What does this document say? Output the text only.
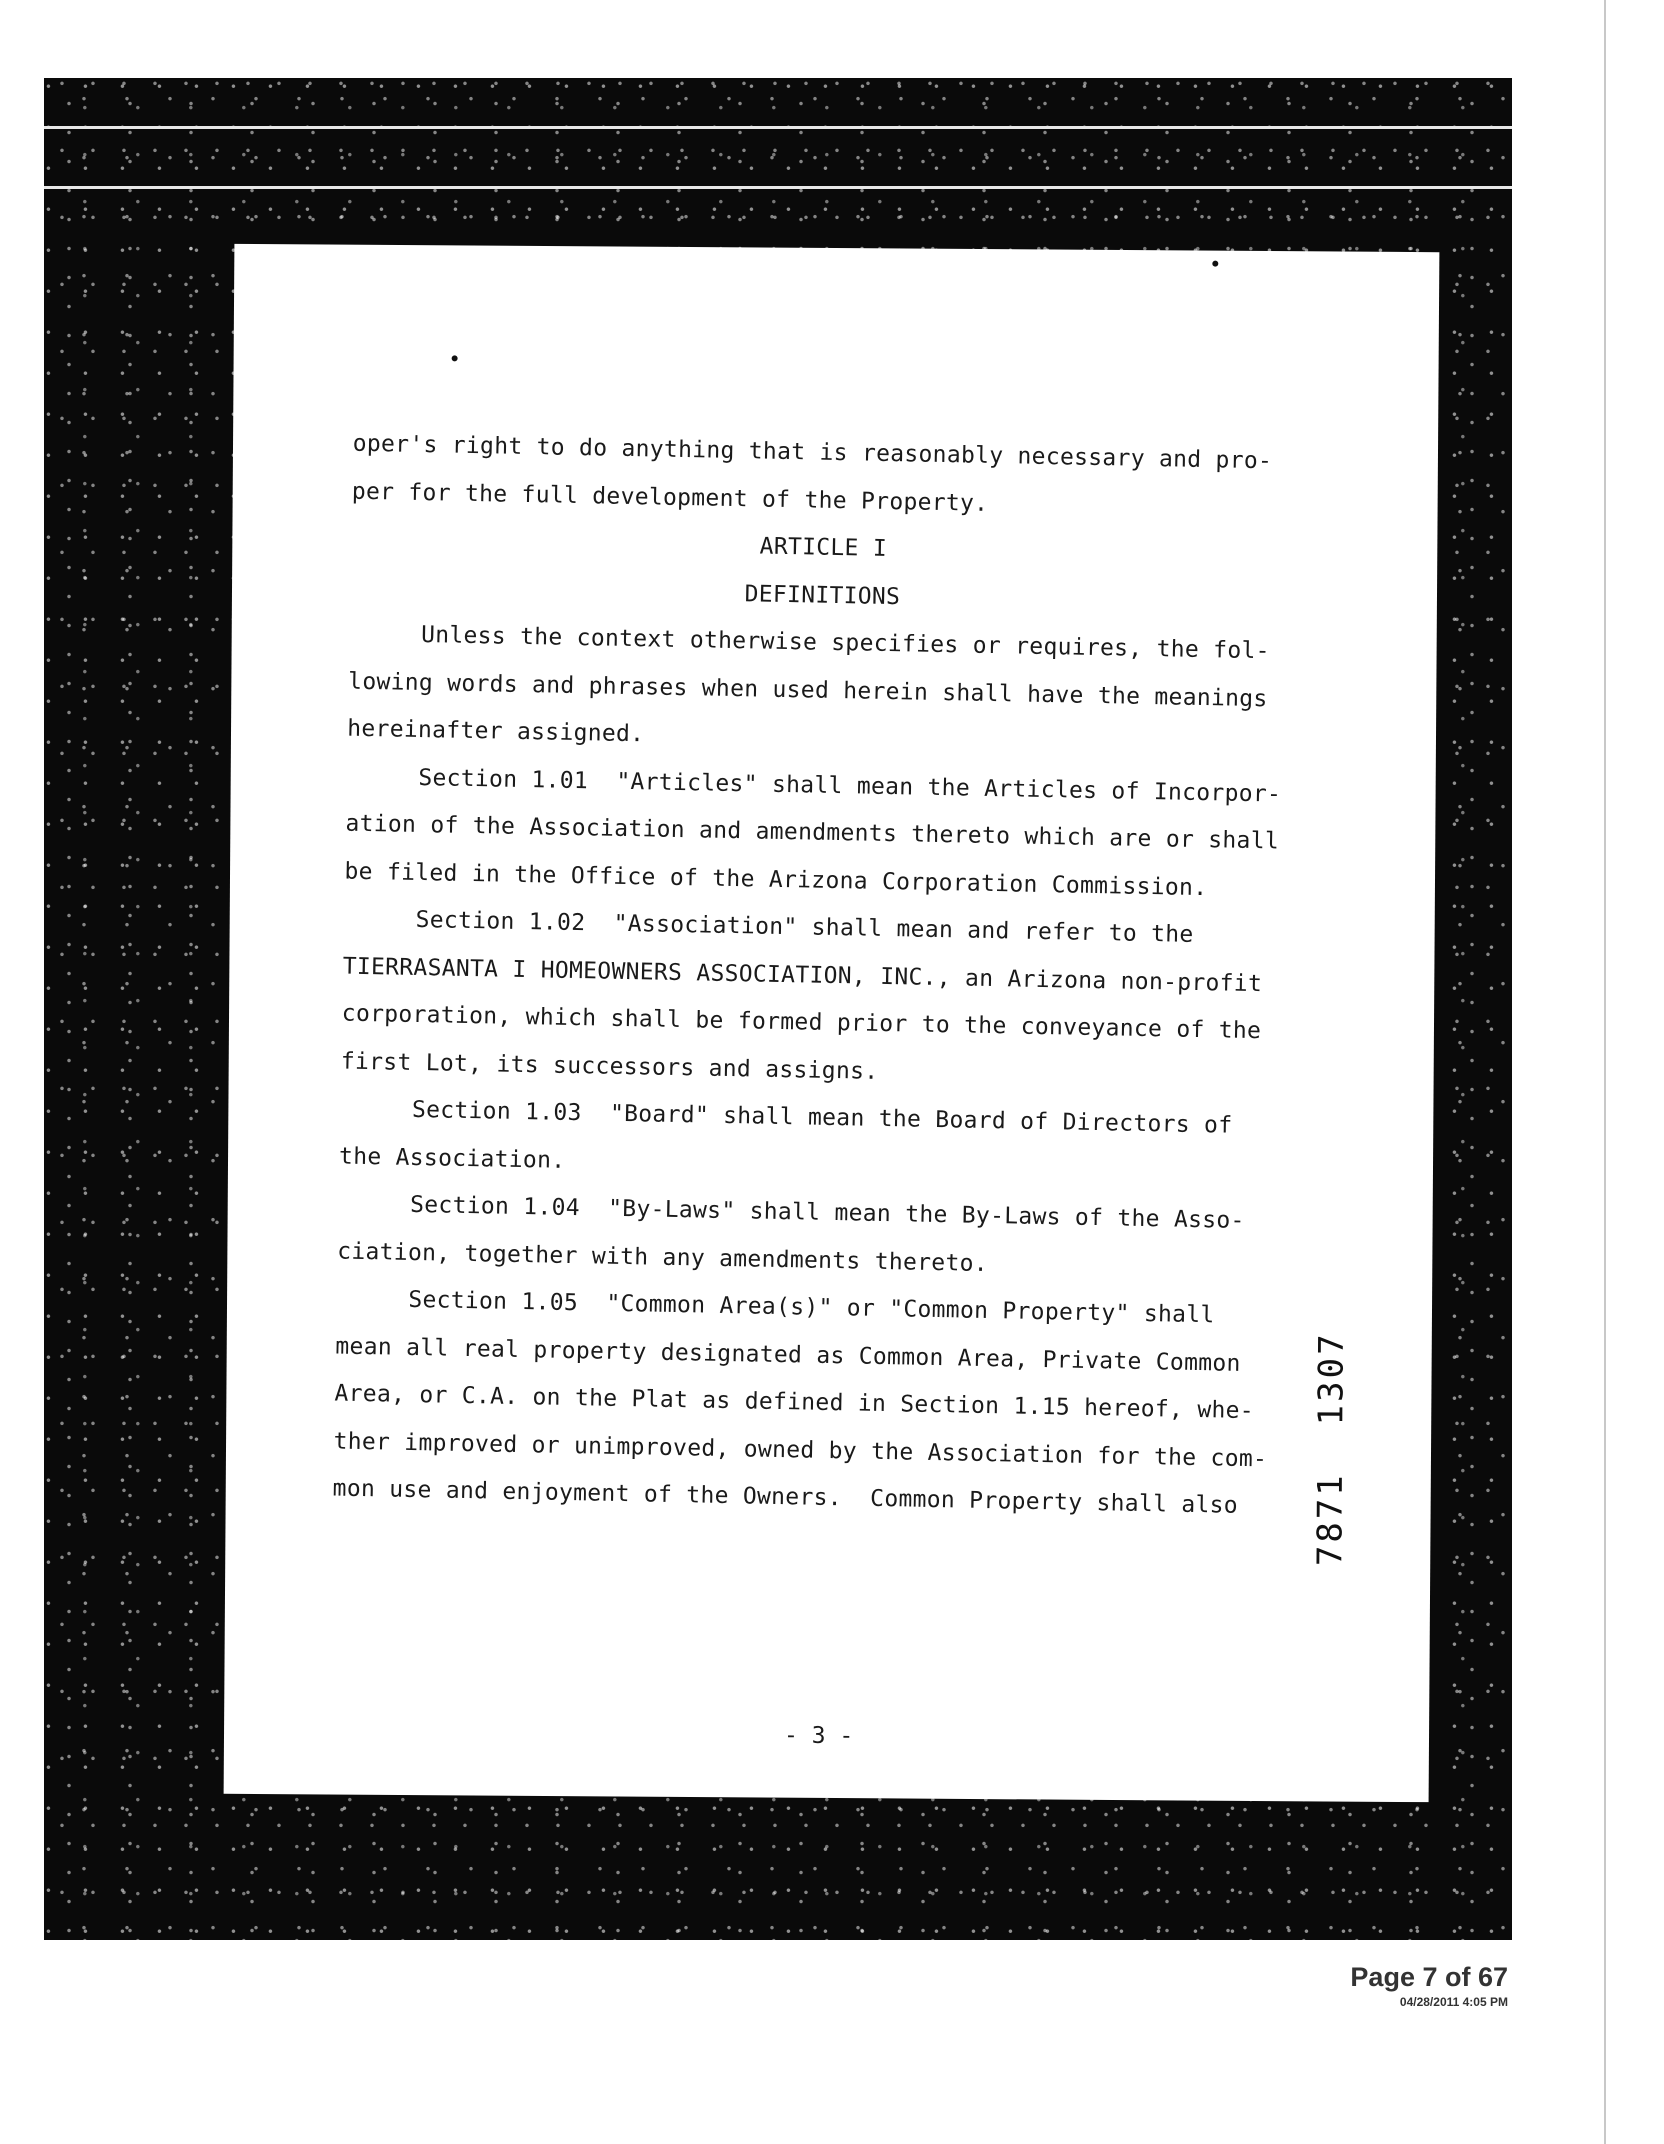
oper's right to do anything that is reasonably necessary and pro-
per for the full development of the Property.
ARTICLE I
DEFINITIONS
Unless the context otherwise specifies or requires, the fol-
lowing words and phrases when used herein shall have the meanings
hereinafter assigned.
Section 1.01  "Articles" shall mean the Articles of Incorpor-
ation of the Association and amendments thereto which are or shall
be filed in the Office of the Arizona Corporation Commission.
Section 1.02  "Association" shall mean and refer to the
TIERRASANTA I HOMEOWNERS ASSOCIATION, INC., an Arizona non-profit
corporation, which shall be formed prior to the conveyance of the
first Lot, its successors and assigns.
Section 1.03  "Board" shall mean the Board of Directors of
the Association.
Section 1.04  "By-Laws" shall mean the By-Laws of the Asso-
ciation, together with any amendments thereto.
Section 1.05  "Common Area(s)" or "Common Property" shall
mean all real property designated as Common Area, Private Common
Area, or C.A. on the Plat as defined in Section 1.15 hereof, whe-
ther improved or unimproved, owned by the Association for the com-
mon use and enjoyment of the Owners.  Common Property shall also	7871  1307
- 3 -
Page 7 of 67
04/28/2011 4:05 PM
